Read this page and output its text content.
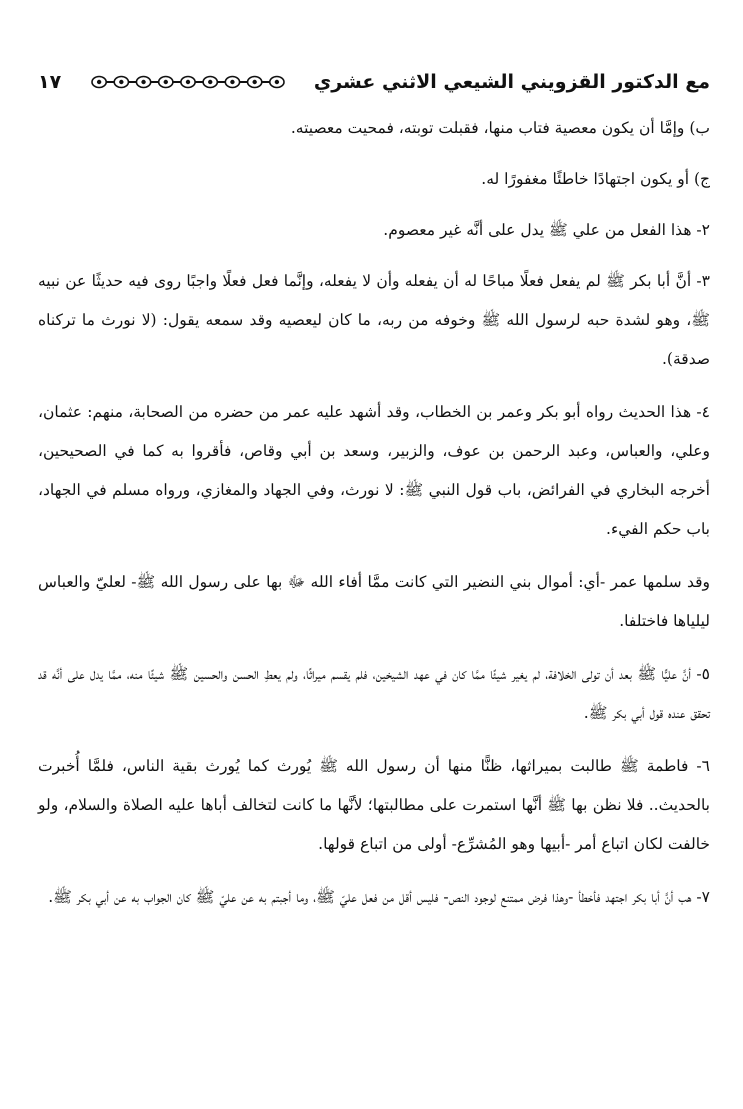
مع الدكتور القزويني الشيعي الاثني عشري
١٧

ب) وإمَّا أن يكون معصية فتاب منها، فقبلت توبته، فمحيت معصيته.

ج) أو يكون اجتهادًا خاطئًا مغفورًا له.

٢- هذا الفعل من علي ﷺ يدل على أنَّه غير معصوم.

٣- أنَّ أبا بكر ﷺ لم يفعل فعلًا مباحًا له أن يفعله وأن لا يفعله، وإنَّما فعل فعلًا واجبًا روى فيه حديثًا عن نبيه ﷺ، وهو لشدة حبه لرسول الله ﷺ وخوفه من ربه، ما كان ليعصيه وقد سمعه يقول: (لا نورث ما تركناه صدقة).

٤- هذا الحديث رواه أبو بكر وعمر بن الخطاب، وقد أشهد عليه عمر من حضره من الصحابة، منهم: عثمان، وعلي، والعباس، وعبد الرحمن بن عوف، والزبير، وسعد بن أبي وقاص، فأقروا به كما في الصحيحين، أخرجه البخاري في الفرائض، باب قول النبي ﷺ: لا نورث، وفي الجهاد والمغازي، ورواه مسلم في الجهاد، باب حكم الفيء.

وقد سلمها عمر -أي: أموال بني النضير التي كانت ممَّا أفاء الله ﷻ بها على رسول الله ﷺ- لعليّ والعباس ليلياها فاختلفا.

٥- أنَّ عليًّا ﷺ بعد أن تولى الخلافة، لم يغير شيئًا ممَّا كان في عهد الشيخين، فلم يقسم ميراثًا، ولم يعطِ الحسن والحسين ﷺ شيئًا منه، ممَّا يدل على أنَّه قد تحقق عنده قول أبي بكر ﷺ.

٦- فاطمة ﷺ طالبت بميراثها، ظنًّا منها أن رسول الله ﷺ يُورث كما يُورث بقية الناس، فلمَّا أُخبرت بالحديث.. فلا نظن بها ﷺ أنَّها استمرت على مطالبتها؛ لأنَّها ما كانت لتخالف أباها عليه الصلاة والسلام، ولو خالفت لكان اتباع أمر -أبيها وهو المُشرِّع- أولى من اتباع قولها.

٧- هب أنَّ أبا بكر اجتهد فأخطأ -وهذا فرض ممتنع لوجود النص- فليس أقل من فعل عليّ ﷺ، وما أجبتم به عن عليّ ﷺ كان الجواب به عن أبي بكر ﷺ.
